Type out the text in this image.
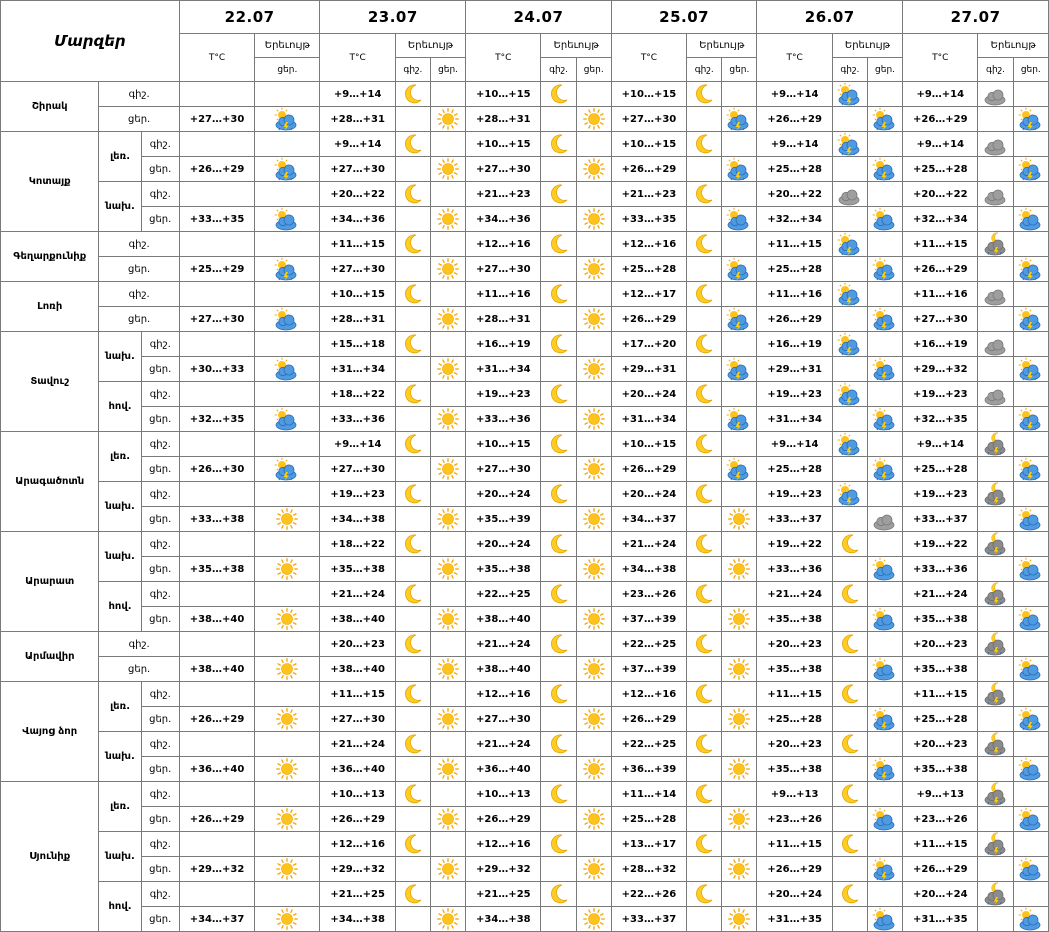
Մարզեր			22.07		23.07			24.07			25.07			26.07			27.07		
			T°C	Երեւույթ	T°C	Երեւույթ		T°C	Երեւույթ		T°C	Երեւույթ		T°C	Երեւույթ		T°C	Երեւույթ	
				ցեր.		գիշ.	ցեր.		գիշ.	ցեր.		գիշ.	ցեր.		գիշ.	ցեր.		գիշ.	ցեր.
Շիրակ	գիշ.				+9…+14			+10…+15			+10…+15			+9…+14			+9…+14		
	ցեր.		+27…+30		+28…+31			+28…+31			+27…+30			+26…+29			+26…+29		
Կոտայք	լեռ.	գիշ.			+9…+14			+10…+15			+10…+15			+9…+14			+9…+14		
		ցեր.	+26…+29		+27…+30			+27…+30			+26…+29			+25…+28			+25…+28		
	նախ.	գիշ.			+20…+22			+21…+23			+21…+23			+20…+22			+20…+22		
		ցեր.	+33…+35		+34…+36			+34…+36			+33…+35			+32…+34			+32…+34		
Գեղարքունիք	գիշ.				+11…+15			+12…+16			+12…+16			+11…+15			+11…+15		
	ցեր.		+25…+29		+27…+30			+27…+30			+25…+28			+25…+28			+26…+29		
Լոռի	գիշ.				+10…+15			+11…+16			+12…+17			+11…+16			+11…+16		
	ցեր.		+27…+30		+28…+31			+28…+31			+26…+29			+26…+29			+27…+30		
Տավուշ	նախ.	գիշ.			+15…+18			+16…+19			+17…+20			+16…+19			+16…+19		
		ցեր.	+30…+33		+31…+34			+31…+34			+29…+31			+29…+31			+29…+32		
	հով.	գիշ.			+18…+22			+19…+23			+20…+24			+19…+23			+19…+23		
		ցեր.	+32…+35		+33…+36			+33…+36			+31…+34			+31…+34			+32…+35		
Արագածոտն	լեռ.	գիշ.			+9…+14			+10…+15			+10…+15			+9…+14			+9…+14		
		ցեր.	+26…+30		+27…+30			+27…+30			+26…+29			+25…+28			+25…+28		
	նախ.	գիշ.			+19…+23			+20…+24			+20…+24			+19…+23			+19…+23		
		ցեր.	+33…+38		+34…+38			+35…+39			+34…+37			+33…+37			+33…+37		
Արարատ	նախ.	գիշ.			+18…+22			+20…+24			+21…+24			+19…+22			+19…+22		
		ցեր.	+35…+38		+35…+38			+35…+38			+34…+38			+33…+36			+33…+36		
	հով.	գիշ.			+21…+24			+22…+25			+23…+26			+21…+24			+21…+24		
		ցեր.	+38…+40		+38…+40			+38…+40			+37…+39			+35…+38			+35…+38		
Արմավիր	գիշ.				+20…+23			+21…+24			+22…+25			+20…+23			+20…+23		
	ցեր.		+38…+40		+38…+40			+38…+40			+37…+39			+35…+38			+35…+38		
Վայոց ձոր	լեռ.	գիշ.			+11…+15			+12…+16			+12…+16			+11…+15			+11…+15		
		ցեր.	+26…+29		+27…+30			+27…+30			+26…+29			+25…+28			+25…+28		
	նախ.	գիշ.			+21…+24			+21…+24			+22…+25			+20…+23			+20…+23		
		ցեր.	+36…+40		+36…+40			+36…+40			+36…+39			+35…+38			+35…+38		
Սյունիք	լեռ.	գիշ.			+10…+13			+10…+13			+11…+14			+9…+13			+9…+13		
		ցեր.	+26…+29		+26…+29			+26…+29			+25…+28			+23…+26			+23…+26		
	նախ.	գիշ.			+12…+16			+12…+16			+13…+17			+11…+15			+11…+15		
		ցեր.	+29…+32		+29…+32			+29…+32			+28…+32			+26…+29			+26…+29		
	հով.	գիշ.			+21…+25			+21…+25			+22…+26			+20…+24			+20…+24		
		ցեր.	+34…+37		+34…+38			+34…+38			+33…+37			+31…+35			+31…+35		
